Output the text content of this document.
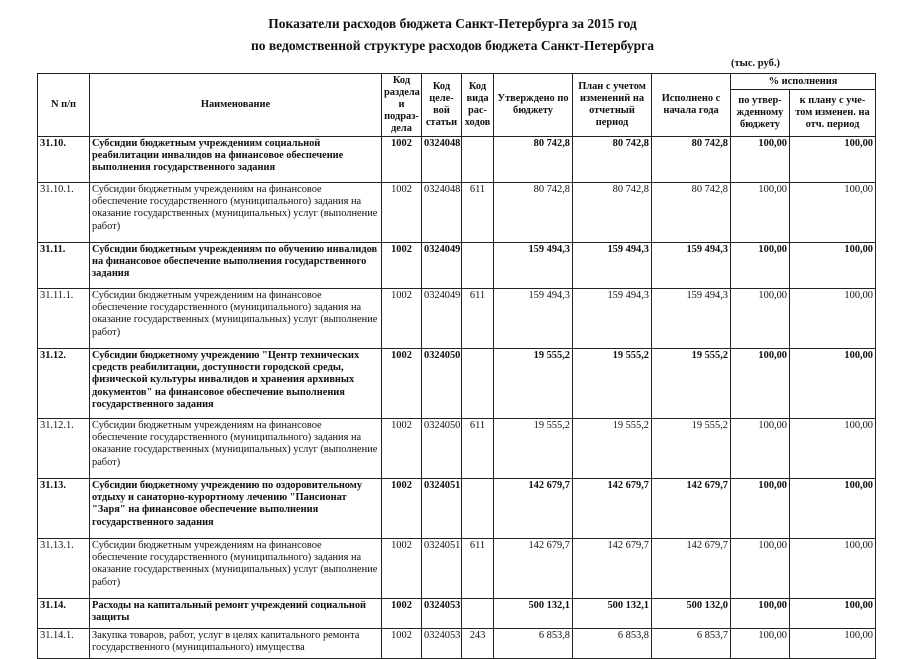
Показатели расходов бюджета Санкт-Петербурга за 2015 год
по ведомственной структуре расходов бюджета Санкт-Петербурга
(тыс. руб.)
N п/п	Наименование	Код раздела и подраз-дела	Код целе-вой статьи	Код вида рас-ходов	Утверждено по бюджету	План с учетом изменений на отчетный период	Исполнено с начала года	% исполнения	
								по утвер-жденному бюджету	к плану с уче-том изменен. на отч. период
31.10.	Субсидии бюджетным учреждениям социальной реабилитации инвалидов на финансовое обеспечение выполнения государственного задания	1002	0324048		80 742,8	80 742,8	80 742,8	100,00	100,00
31.10.1.	Субсидии бюджетным учреждениям на финансовое обеспечение государственного (муниципального) задания на оказание государственных (муниципальных) услуг (выполнение работ)	1002	0324048	611	80 742,8	80 742,8	80 742,8	100,00	100,00
31.11.	Субсидии бюджетным учреждениям по обучению инвалидов на финансовое обеспечение выполнения государственного задания	1002	0324049		159 494,3	159 494,3	159 494,3	100,00	100,00
31.11.1.	Субсидии бюджетным учреждениям на финансовое обеспечение государственного (муниципального) задания на оказание государственных (муниципальных) услуг (выполнение работ)	1002	0324049	611	159 494,3	159 494,3	159 494,3	100,00	100,00
31.12.	Субсидии бюджетному учреждению "Центр технических средств реабилитации, доступности городской среды, физической культуры инвалидов и хранения архивных документов" на финансовое обеспечение выполнения государственного задания	1002	0324050		19 555,2	19 555,2	19 555,2	100,00	100,00
31.12.1.	Субсидии бюджетным учреждениям на финансовое обеспечение государственного (муниципального) задания на оказание государственных (муниципальных) услуг (выполнение работ)	1002	0324050	611	19 555,2	19 555,2	19 555,2	100,00	100,00
31.13.	Субсидии бюджетному учреждению по оздоровительному отдыху и санаторно-курортному лечению "Пансионат "Заря" на финансовое обеспечение выполнения государственного задания	1002	0324051		142 679,7	142 679,7	142 679,7	100,00	100,00
31.13.1.	Субсидии бюджетным учреждениям на финансовое обеспечение государственного (муниципального) задания на оказание государственных (муниципальных) услуг (выполнение работ)	1002	0324051	611	142 679,7	142 679,7	142 679,7	100,00	100,00
31.14.	Расходы на капитальный ремонт учреждений социальной защиты	1002	0324053		500 132,1	500 132,1	500 132,0	100,00	100,00
31.14.1.	Закупка товаров, работ, услуг в целях капитального ремонта государственного (муниципального) имущества	1002	0324053	243	6 853,8	6 853,8	6 853,7	100,00	100,00
